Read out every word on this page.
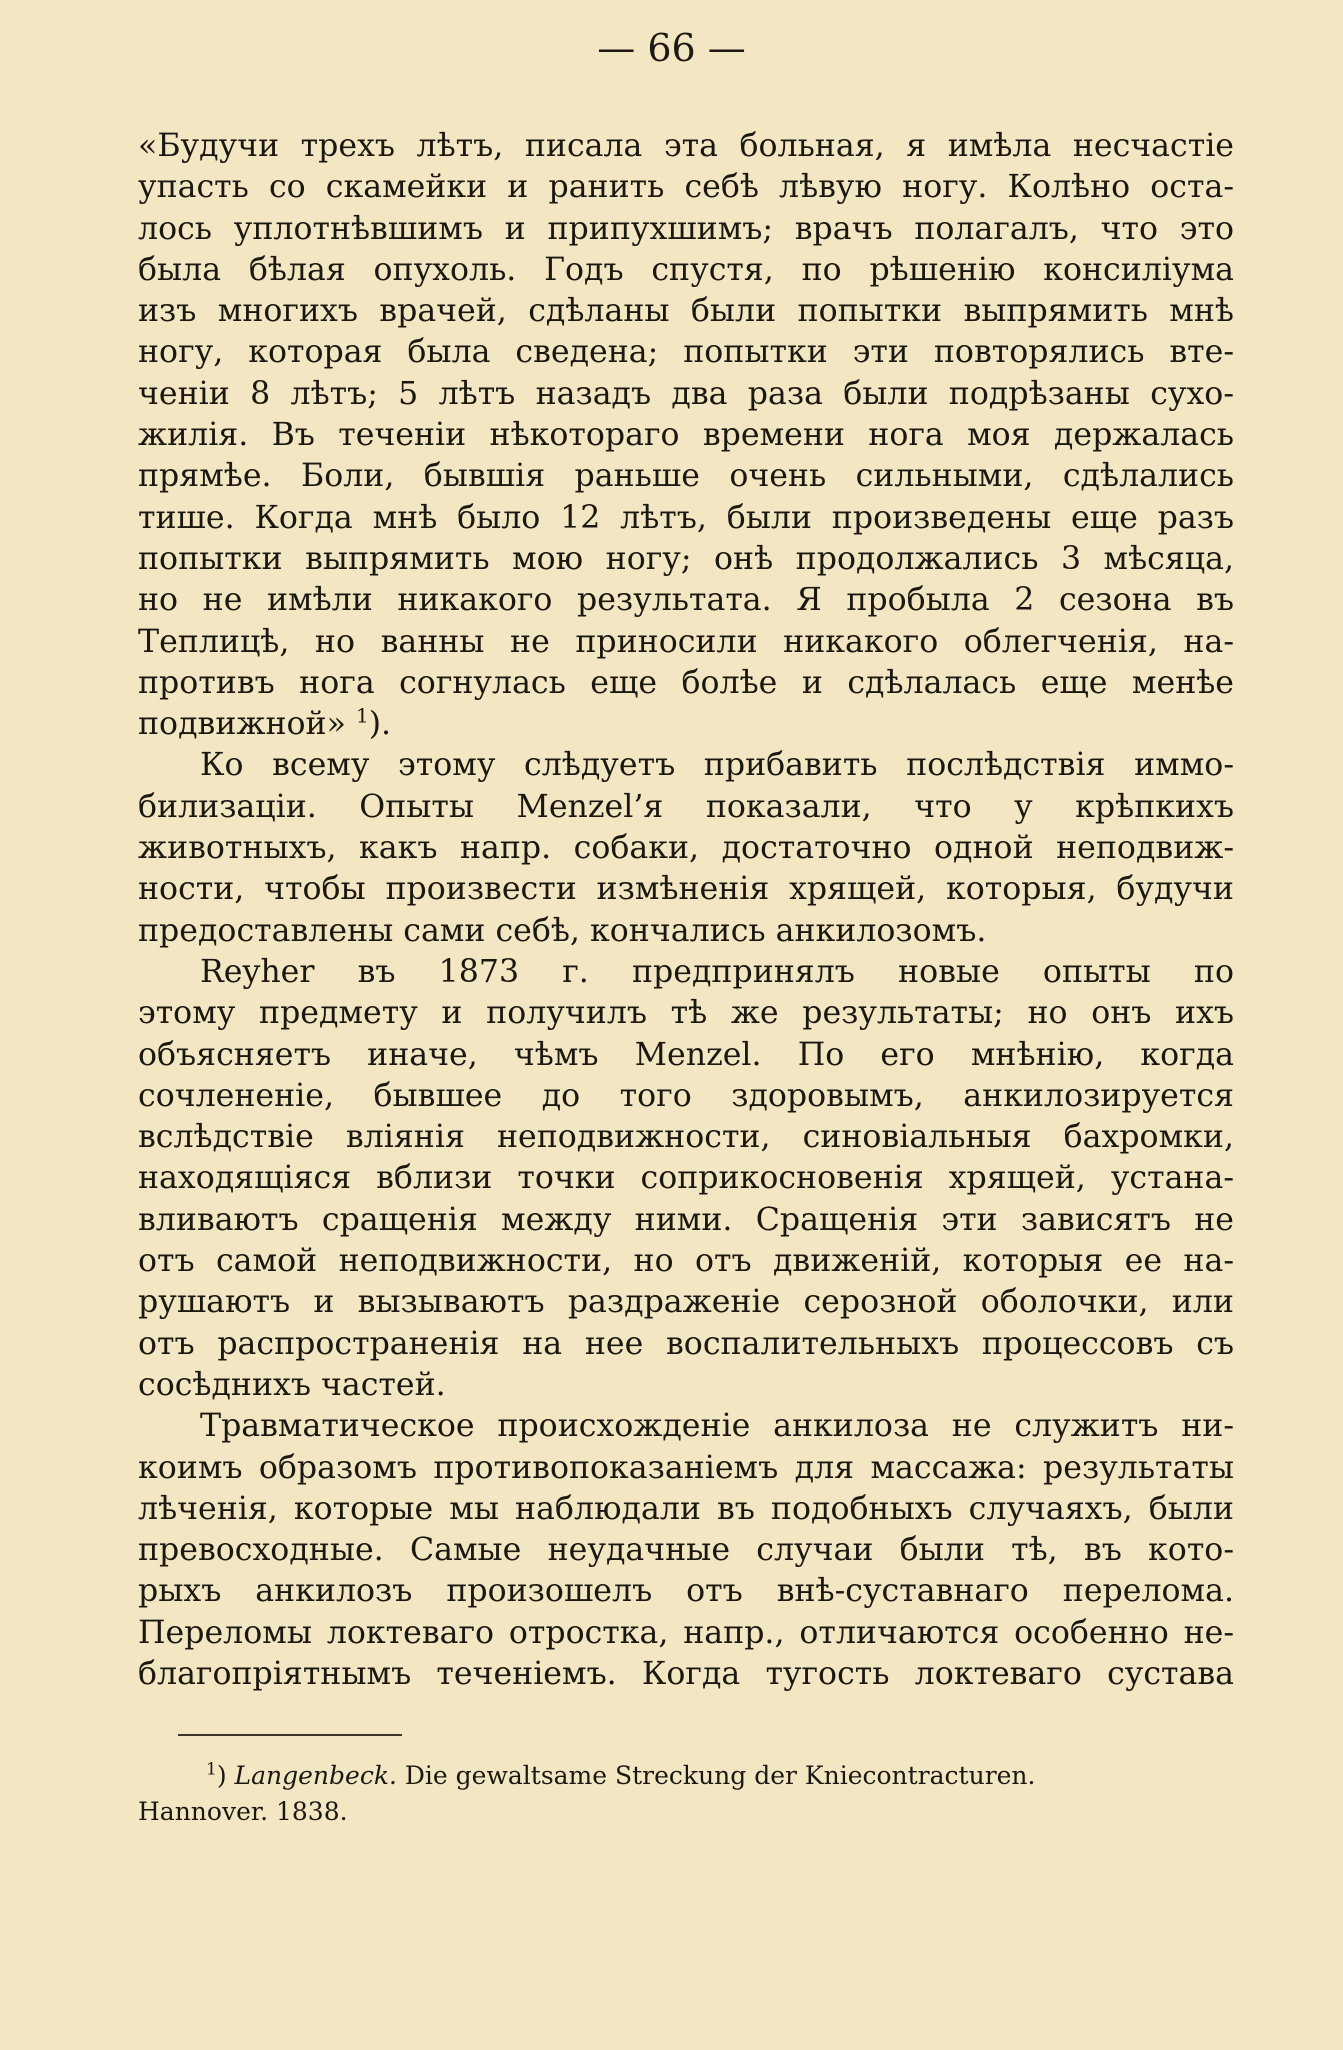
— 66 —

«Будучи трехъ лѣтъ, писала эта больная, я имѣла несчастіе
упасть со скамейки и ранить себѣ лѣвую ногу. Колѣно оста-
лось уплотнѣвшимъ и припухшимъ; врачъ полагалъ, что это
была бѣлая опухоль. Годъ спустя, по рѣшенію консиліума
изъ многихъ врачей, сдѣланы были попытки выпрямить мнѣ
ногу, которая была сведена; попытки эти повторялись вте-
ченіи 8 лѣтъ; 5 лѣтъ назадъ два раза были подрѣзаны сухо-
жилія. Въ теченіи нѣкотораго времени нога моя держалась
прямѣе. Боли, бывшія раньше очень сильными, сдѣлались
тише. Когда мнѣ было 12 лѣтъ, были произведены еще разъ
попытки выпрямить мою ногу; онѣ продолжались 3 мѣсяца,
но не имѣли никакого результата. Я пробыла 2 сезона въ
Теплицѣ, но ванны не приносили никакого облегченія, на-
противъ нога согнулась еще болѣе и сдѣлалась еще менѣе
подвижной» $^1$).

Ко всему этому слѣдуетъ прибавить послѣдствія иммо-
билизаціи. Опыты Menzel’я показали, что у крѣпкихъ
животныхъ, какъ напр. собаки, достаточно одной неподвиж-
ности, чтобы произвести измѣненія хрящей, которыя, будучи
предоставлены сами себѣ, кончались анкилозомъ.

Reyher въ 1873 г. предпринялъ новые опыты по
этому предмету и получилъ тѣ же результаты; но онъ ихъ
объясняетъ иначе, чѣмъ Menzel. По его мнѣнію, когда
сочлененіе, бывшее до того здоровымъ, анкилозируется
вслѣдствіе вліянія неподвижности, синовіальныя бахромки,
находящіяся вблизи точки соприкосновенія хрящей, устана-
вливаютъ сращенія между ними. Сращенія эти зависятъ не
отъ самой неподвижности, но отъ движеній, которыя ее на-
рушаютъ и вызываютъ раздраженіе серозной оболочки, или
отъ распространенія на нее воспалительныхъ процессовъ съ
сосѣднихъ частей.

Травматическое происхожденіе анкилоза не служитъ ни-
коимъ образомъ противопоказаніемъ для массажа: результаты
лѣченія, которые мы наблюдали въ подобныхъ случаяхъ, были
превосходные. Самые неудачные случаи были тѣ, въ кото-
рыхъ анкилозъ произошелъ отъ внѣ-суставнаго перелома.
Переломы локтеваго отростка, напр., отличаются особенно не-
благопріятнымъ теченіемъ. Когда тугость локтеваго сустава

$^1$) Langenbeck. Die gewaltsame Streckung der Kniecontracturen.
Hannover. 1838.
